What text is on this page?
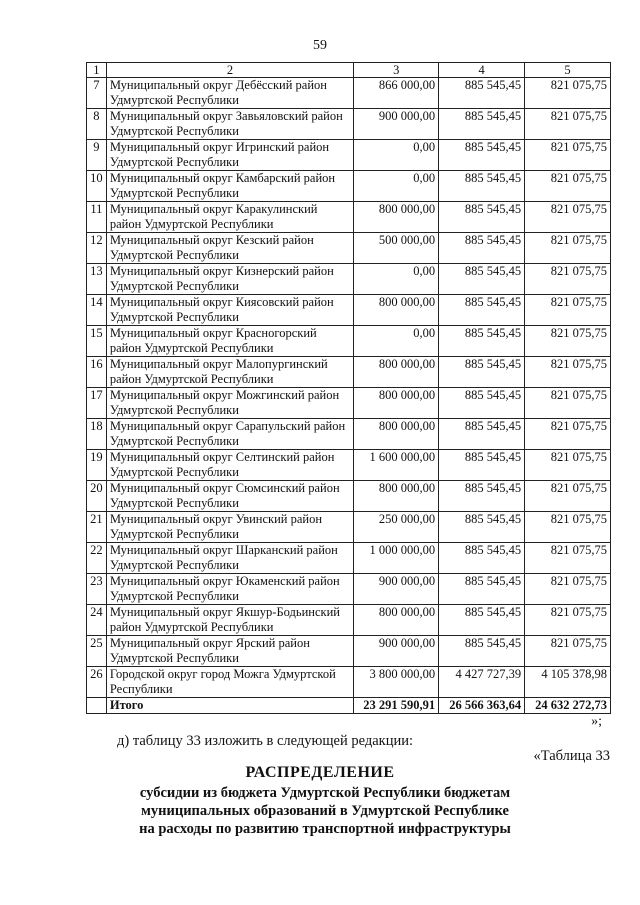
59
1	2	3	4	5
7	Муниципальный округ Дебёсский район Удмуртской Республики	866 000,00	885 545,45	821 075,75
8	Муниципальный округ Завьяловский район Удмуртской Республики	900 000,00	885 545,45	821 075,75
9	Муниципальный округ Игринский район Удмуртской Республики	0,00	885 545,45	821 075,75
10	Муниципальный округ Камбарский район Удмуртской Республики	0,00	885 545,45	821 075,75
11	Муниципальный округ Каракулинский район Удмуртской Республики	800 000,00	885 545,45	821 075,75
12	Муниципальный округ Кезский район Удмуртской Республики	500 000,00	885 545,45	821 075,75
13	Муниципальный округ Кизнерский район Удмуртской Республики	0,00	885 545,45	821 075,75
14	Муниципальный округ Киясовский район Удмуртской Республики	800 000,00	885 545,45	821 075,75
15	Муниципальный округ Красногорский район Удмуртской Республики	0,00	885 545,45	821 075,75
16	Муниципальный округ Малопургинский район Удмуртской Республики	800 000,00	885 545,45	821 075,75
17	Муниципальный округ Можгинский район Удмуртской Республики	800 000,00	885 545,45	821 075,75
18	Муниципальный округ Сарапульский район Удмуртской Республики	800 000,00	885 545,45	821 075,75
19	Муниципальный округ Селтинский район Удмуртской Республики	1 600 000,00	885 545,45	821 075,75
20	Муниципальный округ Сюмсинский район Удмуртской Республики	800 000,00	885 545,45	821 075,75
21	Муниципальный округ Увинский район Удмуртской Республики	250 000,00	885 545,45	821 075,75
22	Муниципальный округ Шарканский район Удмуртской Республики	1 000 000,00	885 545,45	821 075,75
23	Муниципальный округ Юкаменский район Удмуртской Республики	900 000,00	885 545,45	821 075,75
24	Муниципальный округ Якшур-Бодьинский район Удмуртской Республики	800 000,00	885 545,45	821 075,75
25	Муниципальный округ Ярский район Удмуртской Республики	900 000,00	885 545,45	821 075,75
26	Городской округ город Можга Удмуртской Республики	3 800 000,00	4 427 727,39	4 105 378,98
	Итого	23 291 590,91	26 566 363,64	24 632 272,73
»;
д) таблицу 33 изложить в следующей редакции:
«Таблица 33
РАСПРЕДЕЛЕНИЕ
субсидии из бюджета Удмуртской Республики бюджетам
муниципальных образований в Удмуртской Республике
на расходы по развитию транспортной инфраструктуры
